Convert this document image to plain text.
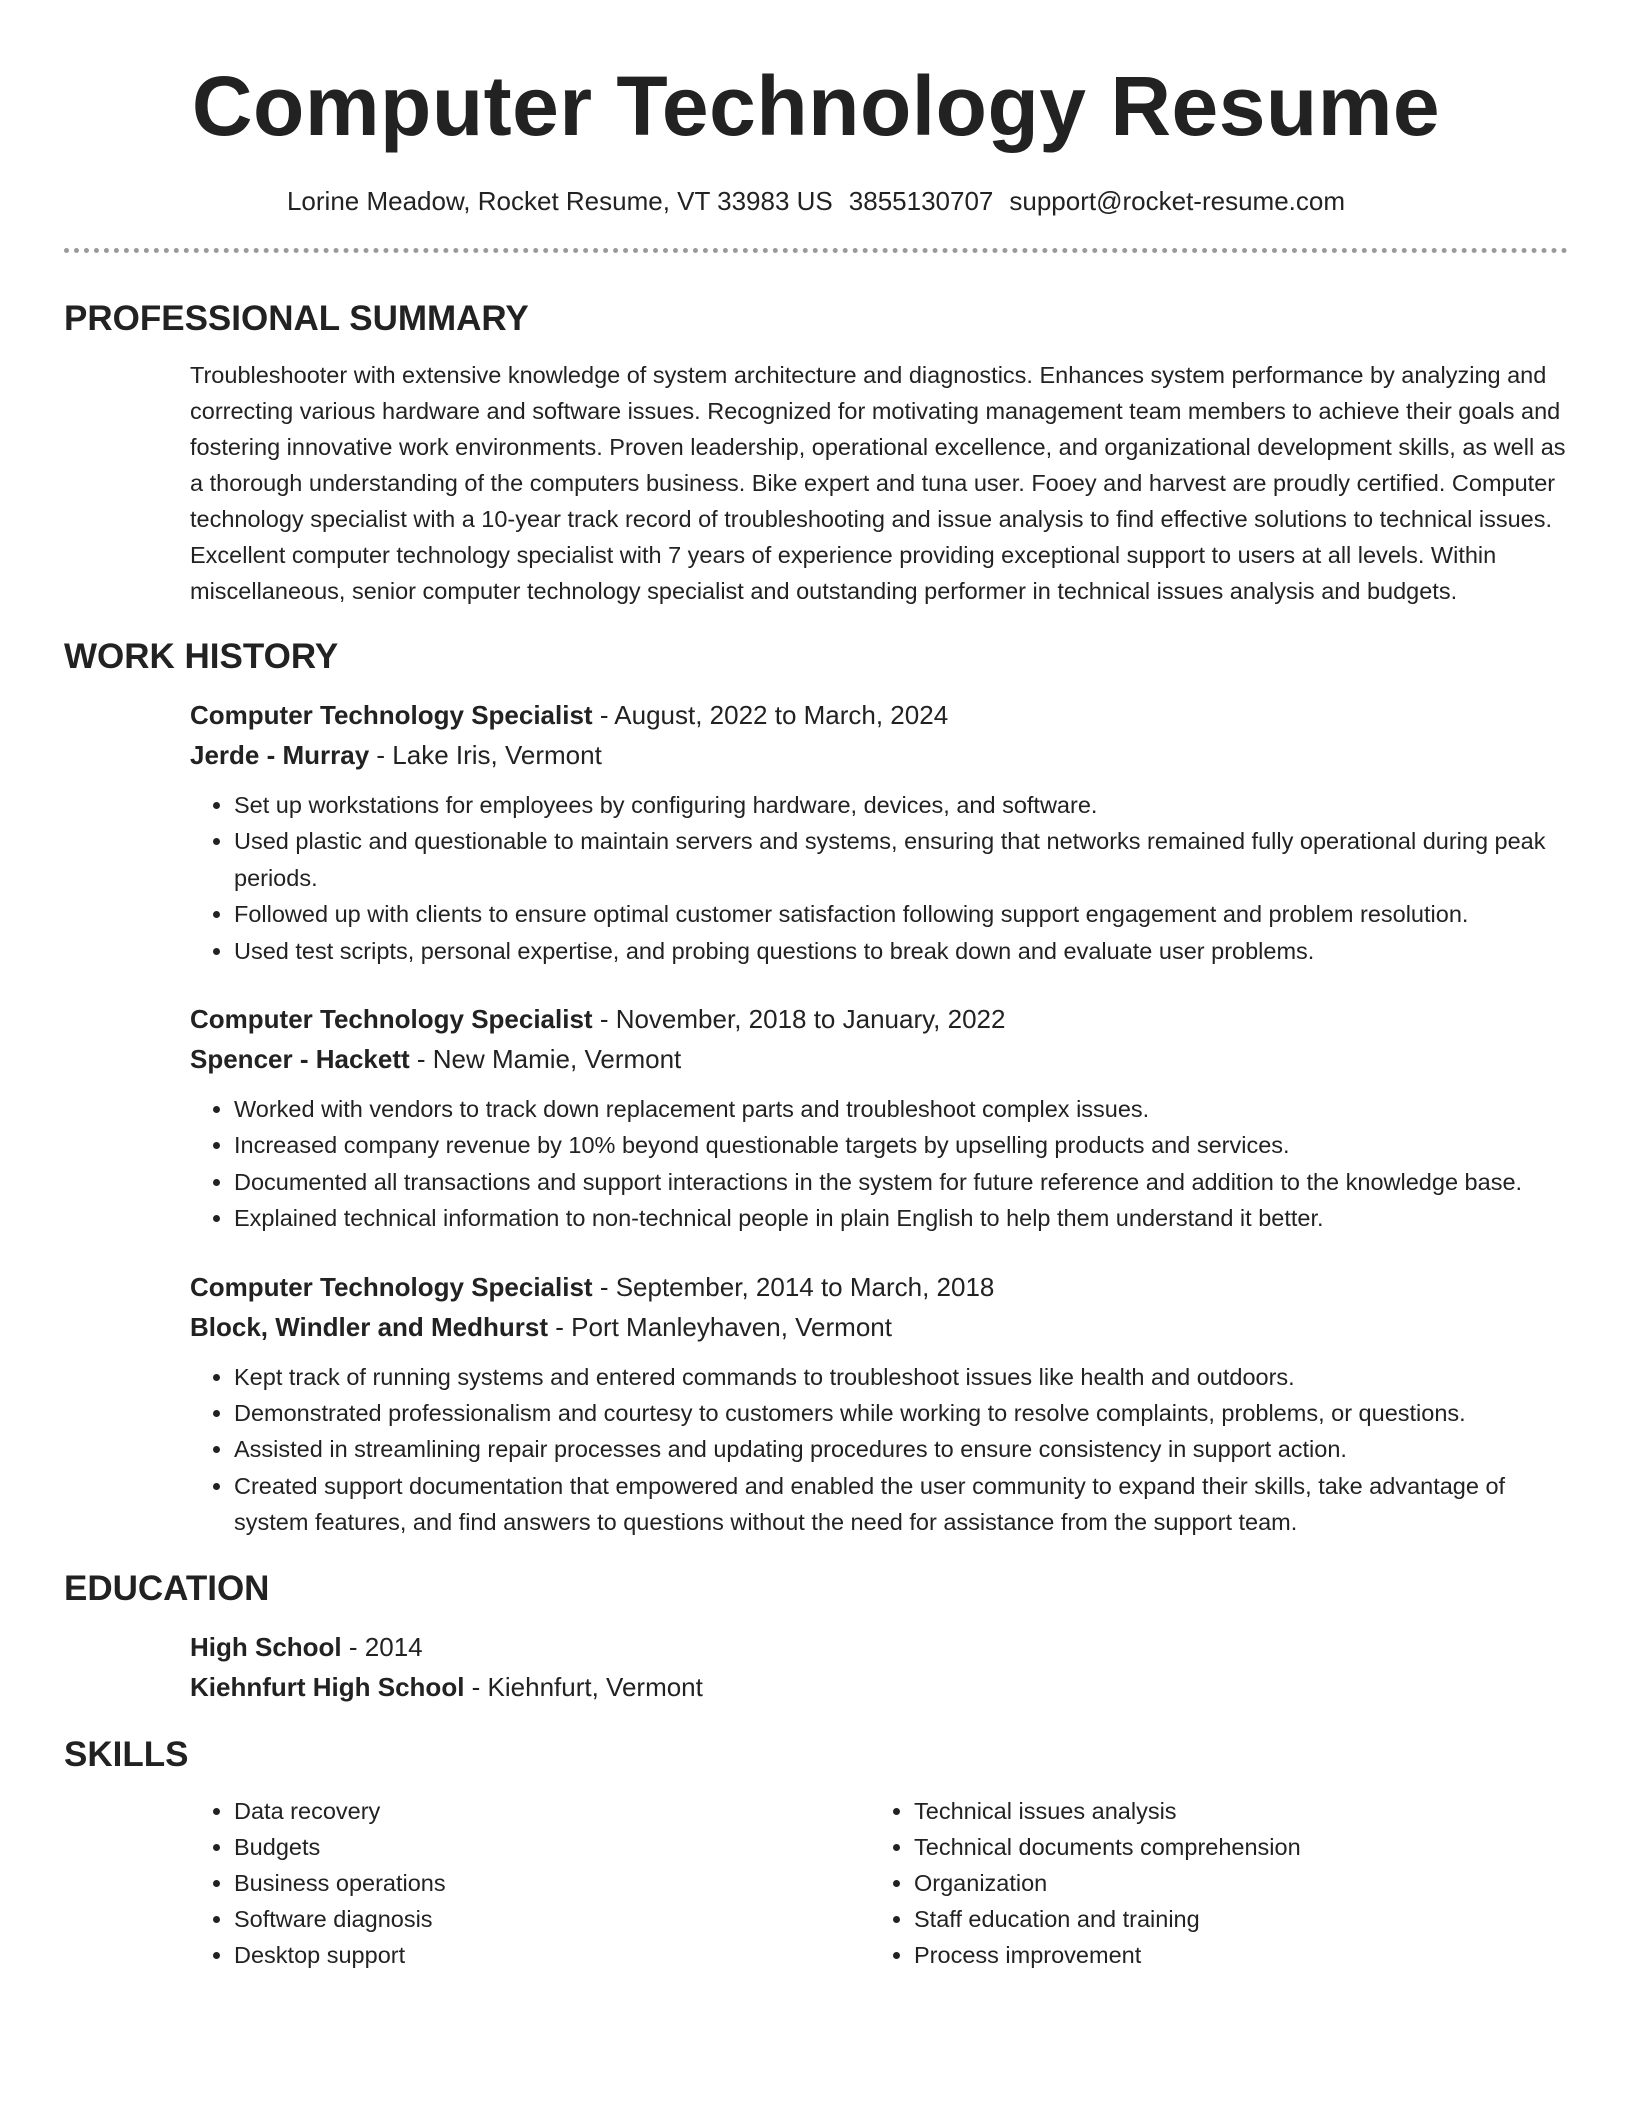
Computer Technology Resume
Lorine Meadow, Rocket Resume, VT 33983 US 3855130707 support@rocket-resume.com
PROFESSIONAL SUMMARY

Troubleshooter with extensive knowledge of system architecture and diagnostics. Enhances system performance by analyzing and correcting various hardware and software issues. Recognized for motivating management team members to achieve their goals and fostering innovative work environments. Proven leadership, operational excellence, and organizational development skills, as well as a thorough understanding of the computers business. Bike expert and tuna user. Fooey and harvest are proudly certified. Computer technology specialist with a 10-year track record of troubleshooting and issue analysis to find effective solutions to technical issues. Excellent computer technology specialist with 7 years of experience providing exceptional support to users at all levels. Within miscellaneous, senior computer technology specialist and outstanding performer in technical issues analysis and budgets.

WORK HISTORY
Computer Technology Specialist - August, 2022 to March, 2024
Jerde - Murray - Lake Iris, Vermont
• Set up workstations for employees by configuring hardware, devices, and software.
• Used plastic and questionable to maintain servers and systems, ensuring that networks remained fully operational during peak periods.
• Followed up with clients to ensure optimal customer satisfaction following support engagement and problem resolution.
• Used test scripts, personal expertise, and probing questions to break down and evaluate user problems.
Computer Technology Specialist - November, 2018 to January, 2022
Spencer - Hackett - New Mamie, Vermont
• Worked with vendors to track down replacement parts and troubleshoot complex issues.
• Increased company revenue by 10% beyond questionable targets by upselling products and services.
• Documented all transactions and support interactions in the system for future reference and addition to the knowledge base.
• Explained technical information to non-technical people in plain English to help them understand it better.
Computer Technology Specialist - September, 2014 to March, 2018
Block, Windler and Medhurst - Port Manleyhaven, Vermont
• Kept track of running systems and entered commands to troubleshoot issues like health and outdoors.
• Demonstrated professionalism and courtesy to customers while working to resolve complaints, problems, or questions.
• Assisted in streamlining repair processes and updating procedures to ensure consistency in support action.
• Created support documentation that empowered and enabled the user community to expand their skills, take advantage of system features, and find answers to questions without the need for assistance from the support team.
EDUCATION
High School - 2014
Kiehnfurt High School - Kiehnfurt, Vermont
SKILLS
• Data recovery
• Budgets
• Business operations
• Software diagnosis
• Desktop support
• Technical issues analysis
• Technical documents comprehension
• Organization
• Staff education and training
• Process improvement
